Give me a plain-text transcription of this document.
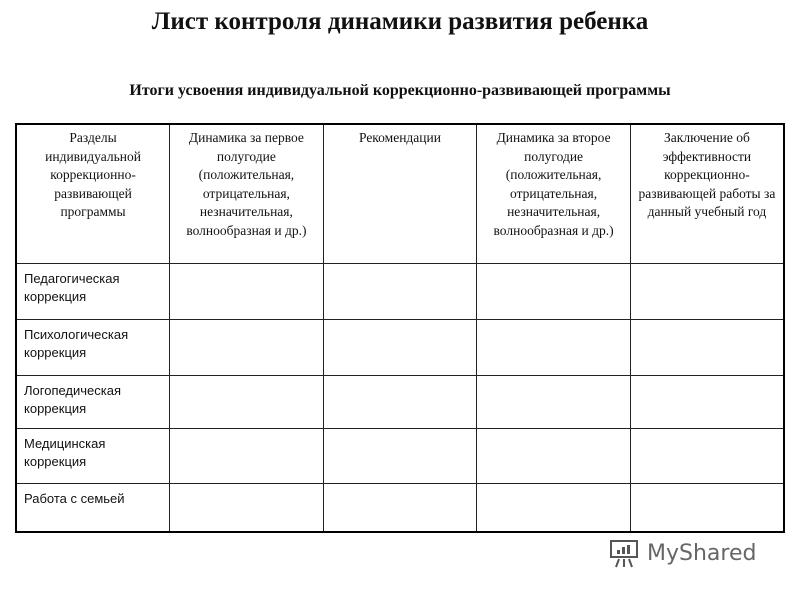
Лист контроля динамики развития ребенка
Итоги усвоения индивидуальной коррекционно-развивающей программы
Разделы индивидуальной коррекционно-развивающей программы	Динамика за первое полугодие (положительная, отрицательная, незначительная, волнообразная и др.)	Рекомендации	Динамика за второе полугодие (положительная, отрицательная, незначительная, волнообразная и др.)	Заключение об эффективности коррекционно-развивающей работы за данный учебный год
Педагогическая коррекция				
Психологическая коррекция				
Логопедическая коррекция				
Медицинская коррекция				
Работа с семьей				
MyShared
